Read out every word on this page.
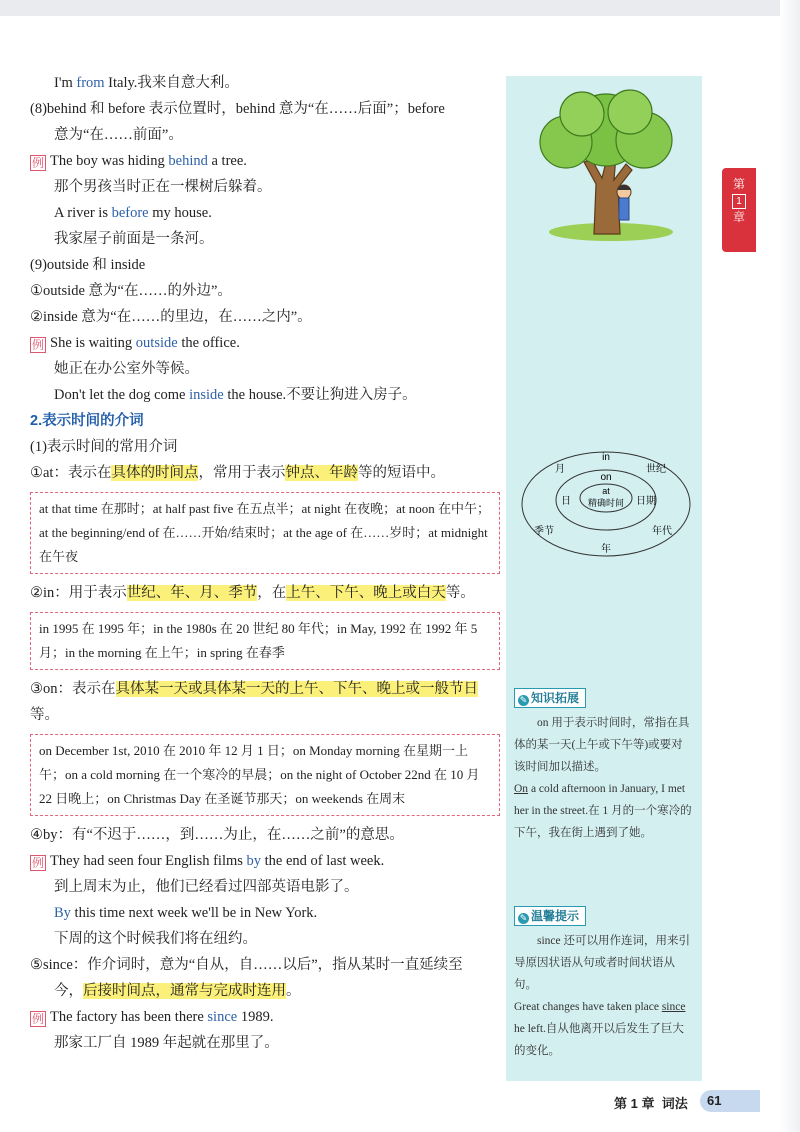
I'm from Italy.我来自意大利。
(8)behind 和 before 表示位置时，behind 意为“在……后面”；before
意为“在……前面”。
例 The boy was hiding behind a tree.
那个男孩当时正在一棵树后躲着。
A river is before my house.
我家屋子前面是一条河。
(9)outside 和 inside
①outside 意为“在……的外边”。
②inside 意为“在……的里边，在……之内”。
例 She is waiting outside the office.
她正在办公室外等候。
Don't let the dog come inside the house.不要让狗进入房子。
2.表示时间的介词
(1)表示时间的常用介词
①at：表示在具体的时间点，常用于表示钟点、年龄等的短语中。
at that time 在那时；at half past five 在五点半；at night 在夜晚；at noon 在中午；at the beginning/end of 在……开始/结束时；at the age of 在……岁时；at midnight 在午夜
②in：用于表示世纪、年、月、季节，在上午、下午、晚上或白天等。
in 1995 在 1995 年；in the 1980s 在 20 世纪 80 年代；in May, 1992 在 1992 年 5 月；in the morning 在上午；in spring 在春季
③on：表示在具体某一天或具体某一天的上午、下午、晚上或一般节日等。
on December 1st, 2010 在 2010 年 12 月 1 日；on Monday morning 在星期一上午；on a cold morning 在一个寒冷的早晨；on the night of October 22nd 在 10 月 22 日晚上；on Christmas Day 在圣诞节那天；on weekends 在周末
④by：有“不迟于……，到……为止，在……之前”的意思。
例 They had seen four English films by the end of last week.
到上周末为止，他们已经看过四部英语电影了。
By this time next week we'll be in New York.
下周的这个时候我们将在纽约。
⑤since：作介词时，意为“自从，自……以后”，指从某时一直延续至
今，后接时间点，通常与完成时连用。
例 The factory has been there since 1989.
那家工厂自 1989 年起就在那里了。
in
月	世纪
on
日	日期
at
精确时间
季节
年
年代
✎ 知识拓展
on 用于表示时间时，常指在具体的某一天(上午或下午等)或要对该时间加以描述。
On a cold afternoon in January, I met her in the street.在 1 月的一个寒冷的下午，我在街上遇到了她。
✎ 温馨提示
since 还可以用作连词，用来引导原因状语从句或者时间状语从句。
Great changes have taken place since he left.自从他离开以后发生了巨大的变化。
第
1
章
第 1 章 词法	61
